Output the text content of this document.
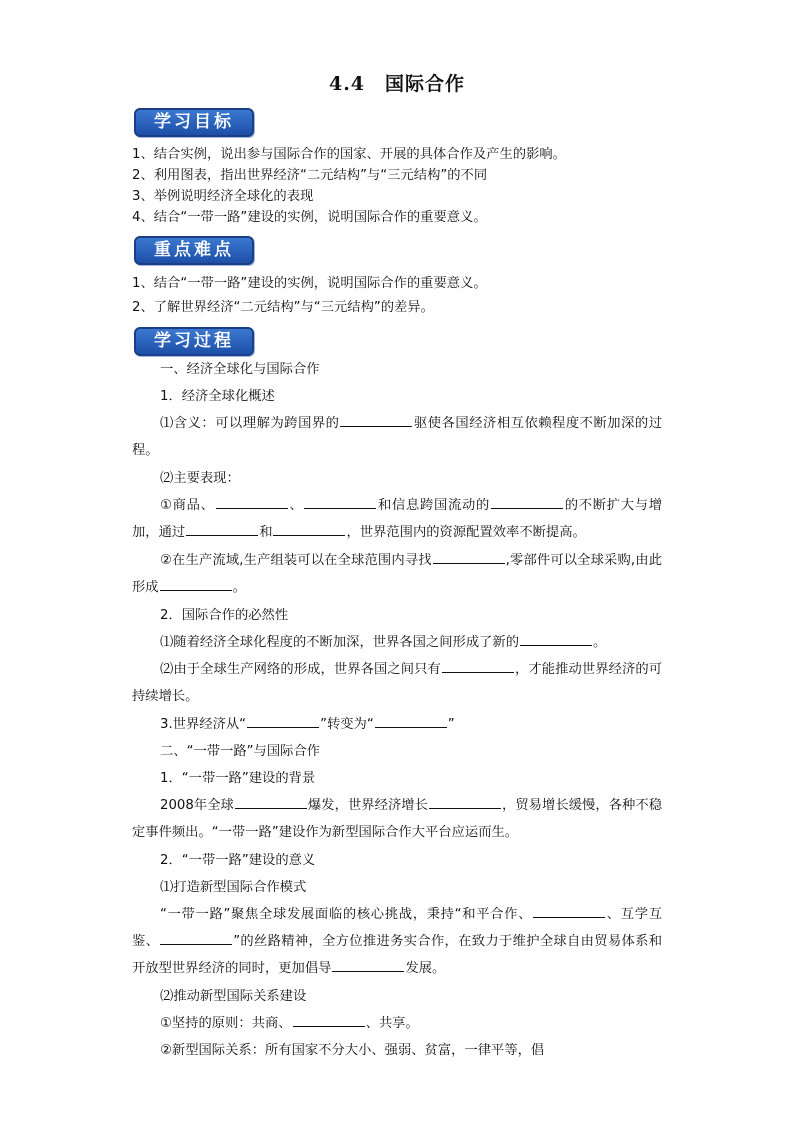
4.4　国际合作
学习目标
1、结合实例，说出参与国际合作的国家、开展的具体合作及产生的影响。
2、利用图表，指出世界经济“二元结构”与“三元结构”的不同
3、举例说明经济全球化的表现
4、结合“一带一路”建设的实例，说明国际合作的重要意义。
重点难点
1、结合“一带一路”建设的实例，说明国际合作的重要意义。
2、了解世界经济“二元结构”与“三元结构”的差异。
学习过程
一、经济全球化与国际合作
1．经济全球化概述
⑴含义：可以理解为跨国界的	驱使各国经济相互依赖程度不断加深的过程。
⑵主要表现：
①商品、	、	和信息跨国流动的	的不断扩大与增加，通过	和	，世界范围内的资源配置效率不断提高。
②在生产流域,生产组装可以在全球范围内寻找	,零部件可以全球采购,由此形成	。
2．国际合作的必然性
⑴随着经济全球化程度的不断加深，世界各国之间形成了新的	。
⑵由于全球生产网络的形成，世界各国之间只有	，才能推动世界经济的可持续增长。
3.世界经济从“	”转变为“	”
二、“一带一路”与国际合作
1．“一带一路”建设的背景
2008年全球	爆发，世界经济增长	，贸易增长缓慢，各种不稳定事件频出。“一带一路”建设作为新型国际合作大平台应运而生。
2．“一带一路”建设的意义
⑴打造新型国际合作模式
“一带一路”聚焦全球发展面临的核心挑战，秉持“和平合作、	、互学互鉴、	”的丝路精神，全方位推进务实合作，在致力于维护全球自由贸易体系和开放型世界经济的同时，更加倡导	发展。
⑵推动新型国际关系建设
①坚持的原则：共商、	、共享。
②新型国际关系：所有国家不分大小、强弱、贫富，一律平等，倡
